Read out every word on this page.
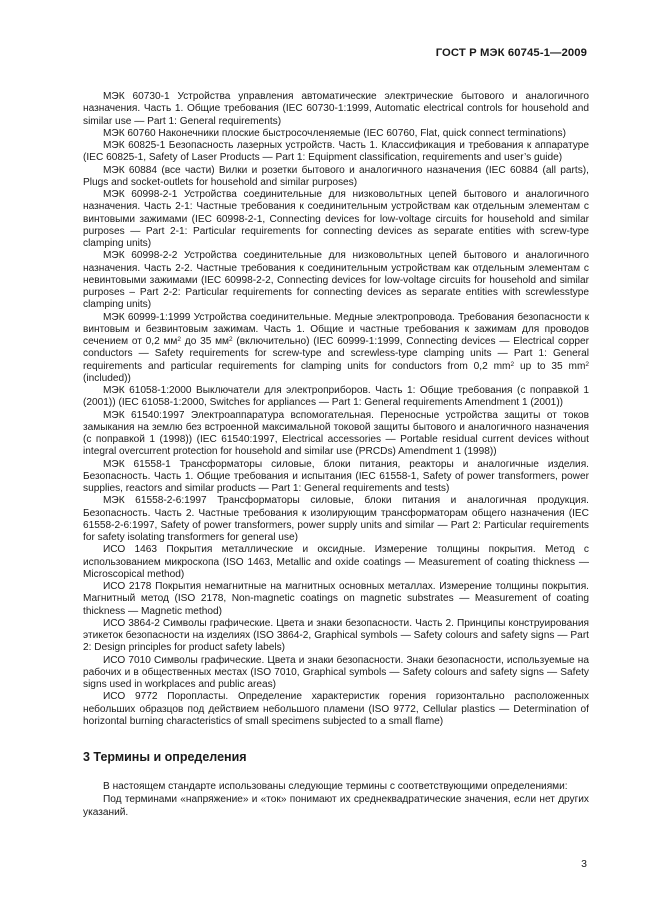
ГОСТ Р МЭК 60745-1—2009

МЭК 60730-1 Устройства управления автоматические электрические бытового и аналогичного назначения. Часть 1. Общие требования (IEC 60730-1:1999, Automatic electrical controls for household and similar use — Part 1: General requirements)

МЭК 60760 Наконечники плоские быстросочленяемые (IEC 60760, Flat, quick connect terminations)

МЭК 60825-1 Безопасность лазерных устройств. Часть 1. Классификация и требования к аппаратуре (IEC 60825-1, Safety of Laser Products — Part 1: Equipment classification, requirements and user’s guide)

МЭК 60884 (все части) Вилки и розетки бытового и аналогичного назначения (IEC 60884 (all parts), Plugs and socket-outlets for household and similar purposes)

МЭК 60998-2-1 Устройства соединительные для низковольтных цепей бытового и аналогичного назначения. Часть 2-1: Частные требования к соединительным устройствам как отдельным элементам с винтовыми зажимами (IEC 60998-2-1, Connecting devices for low-voltage circuits for household and similar purposes — Part 2-1: Particular requirements for connecting devices as separate entities with screw-type clamping units)

МЭК 60998-2-2 Устройства соединительные для низковольтных цепей бытового и аналогичного назначения. Часть 2-2. Частные требования к соединительным устройствам как отдельным элементам с невинтовыми зажимами (IEC 60998-2-2, Connecting devices for low-voltage circuits for household and similar purposes – Part 2-2: Particular requirements for connecting devices as separate entities with screwlesstype clamping units)

МЭК 60999-1:1999 Устройства соединительные. Медные электропровода. Требования безопасности к винтовым и безвинтовым зажимам. Часть 1. Общие и частные требования к зажимам для проводов сечением от 0,2 $мм^2$ до 35 $мм^2$ (включительно) (IEC 60999-1:1999, Connecting devices — Electrical copper conductors — Safety requirements for screw-type and screwless-type clamping units — Part 1: General requirements and particular requirements for clamping units for conductors from 0,2 $mm^2$ up to 35 $mm^2$ (included))

МЭК 61058-1:2000 Выключатели для электроприборов. Часть 1: Общие требования (с поправкой 1 (2001)) (IEC 61058-1:2000, Switches for appliances — Part 1: General requirements Amendment 1 (2001))

МЭК 61540:1997 Электроаппаратура вспомогательная. Переносные устройства защиты от токов замыкания на землю без встроенной максимальной токовой защиты бытового и аналогичного назначения (с поправкой 1 (1998)) (IEC 61540:1997, Electrical accessories — Portable residual current devices without integral overcurrent protection for household and similar use (PRCDs) Amendment 1 (1998))

МЭК 61558-1 Трансформаторы силовые, блоки питания, реакторы и аналогичные изделия. Безопасность. Часть 1. Общие требования и испытания (IEC 61558-1, Safety of power transformers, power supplies, reactors and similar products — Part 1: General requirements and tests)

МЭК 61558-2-6:1997 Трансформаторы силовые, блоки питания и аналогичная продукция. Безопасность. Часть 2. Частные требования к изолирующим трансформаторам общего назначения (IEC 61558-2-6:1997, Safety of power transformers, power supply units and similar — Part 2: Particular requirements for safety isolating transformers for general use)

ИСО 1463 Покрытия металлические и оксидные. Измерение толщины покрытия. Метод с использованием микроскопа (ISO 1463, Metallic and oxide coatings — Measurement of coating thickness — Microscopical method)

ИСО 2178 Покрытия немагнитные на магнитных основных металлах. Измерение толщины покрытия. Магнитный метод (ISO 2178, Non-magnetic coatings on magnetic substrates — Measurement of coating thickness — Magnetic method)

ИСО 3864-2 Символы графические. Цвета и знаки безопасности. Часть 2. Принципы конструирования этикеток безопасности на изделиях (ISO 3864-2, Graphical symbols — Safety colours and safety signs — Part 2: Design principles for product safety labels)

ИСО 7010 Символы графические. Цвета и знаки безопасности. Знаки безопасности, используемые на рабочих и в общественных местах (ISO 7010, Graphical symbols — Safety colours and safety signs — Safety signs used in workplaces and public areas)

ИСО 9772 Поропласты. Определение характеристик горения горизонтально расположенных небольших образцов под действием небольшого пламени (ISO 9772, Cellular plastics — Determination of horizontal burning characteristics of small specimens subjected to a small flame)

3 Термины и определения

В настоящем стандарте использованы следующие термины с соответствующими определениями:

Под терминами «напряжение» и «ток» понимают их среднеквадратические значения, если нет других указаний.

3
